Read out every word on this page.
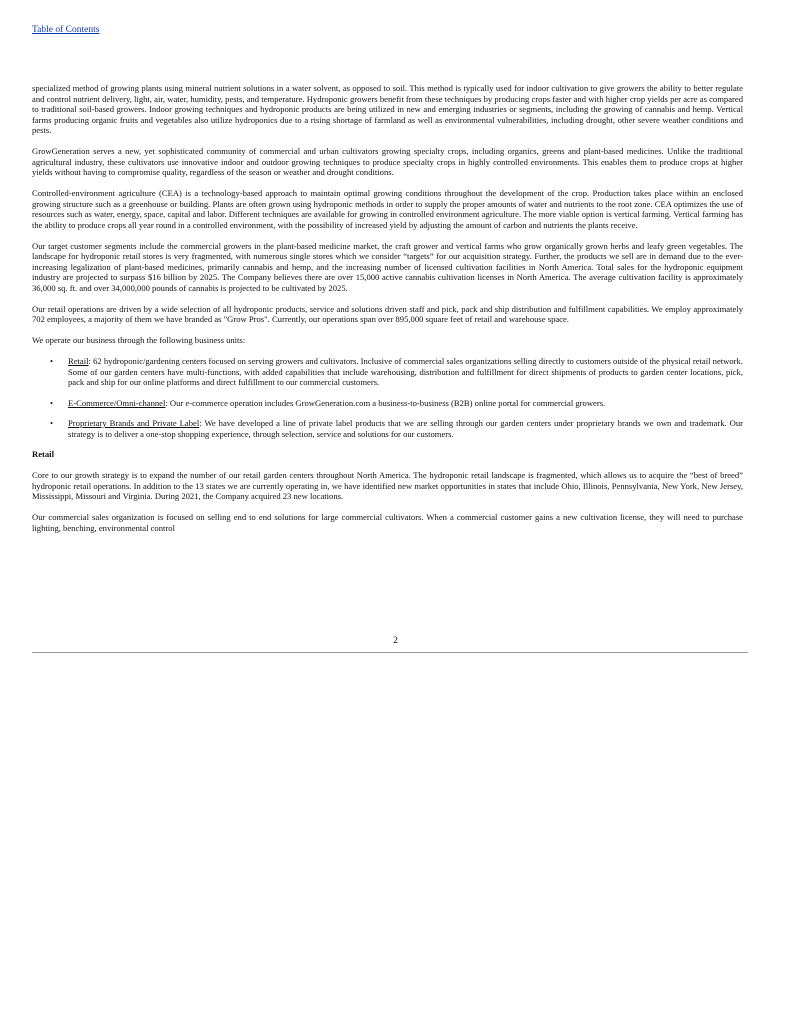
Table of Contents

specialized method of growing plants using mineral nutrient solutions in a water solvent, as opposed to soil. This method is typically used for indoor cultivation to give growers the ability to better regulate and control nutrient delivery, light, air, water, humidity, pests, and temperature. Hydroponic growers benefit from these techniques by producing crops faster and with higher crop yields per acre as compared to traditional soil-based growers. Indoor growing techniques and hydroponic products are being utilized in new and emerging industries or segments, including the growing of cannabis and hemp. Vertical farms producing organic fruits and vegetables also utilize hydroponics due to a rising shortage of farmland as well as environmental vulnerabilities, including drought, other severe weather conditions and pests.

GrowGeneration serves a new, yet sophisticated community of commercial and urban cultivators growing specialty crops, including organics, greens and plant-based medicines. Unlike the traditional agricultural industry, these cultivators use innovative indoor and outdoor growing techniques to produce specialty crops in highly controlled environments. This enables them to produce crops at higher yields without having to compromise quality, regardless of the season or weather and drought conditions.

Controlled-environment agriculture (CEA) is a technology-based approach to maintain optimal growing conditions throughout the development of the crop. Production takes place within an enclosed growing structure such as a greenhouse or building. Plants are often grown using hydroponic methods in order to supply the proper amounts of water and nutrients to the root zone. CEA optimizes the use of resources such as water, energy, space, capital and labor. Different techniques are available for growing in controlled environment agriculture. The more viable option is vertical farming. Vertical farming has the ability to produce crops all year round in a controlled environment, with the possibility of increased yield by adjusting the amount of carbon and nutrients the plants receive.

Our target customer segments include the commercial growers in the plant-based medicine market, the craft grower and vertical farms who grow organically grown herbs and leafy green vegetables. The landscape for hydroponic retail stores is very fragmented, with numerous single stores which we consider “targets” for our acquisition strategy. Further, the products we sell are in demand due to the ever-increasing legalization of plant-based medicines, primarily cannabis and hemp, and the increasing number of licensed cultivation facilities in North America. Total sales for the hydroponic equipment industry are projected to surpass $16 billion by 2025. The Company believes there are over 15,000 active cannabis cultivation licenses in North America. The average cultivation facility is approximately 36,000 sq. ft. and over 34,000,000 pounds of cannabis is projected to be cultivated by 2025.

Our retail operations are driven by a wide selection of all hydroponic products, service and solutions driven staff and pick, pack and ship distribution and fulfillment capabilities. We employ approximately 702 employees, a majority of them we have branded as "Grow Pros". Currently, our operations span over 895,000 square feet of retail and warehouse space.

We operate our business through the following business units:

• Retail: 62 hydroponic/gardening centers focused on serving growers and cultivators. Inclusive of commercial sales organizations selling directly to customers outside of the physical retail network. Some of our garden centers have multi-functions, with added capabilities that include warehousing, distribution and fulfillment for direct shipments of products to garden center locations, pick, pack and ship for our online platforms and direct fulfillment to our commercial customers.
• E-Commerce/Omni-channel: Our e-commerce operation includes GrowGeneration.com a business-to-business (B2B) online portal for commercial growers.
• Proprietary Brands and Private Label: We have developed a line of private label products that we are selling through our garden centers under proprietary brands we own and trademark. Our strategy is to deliver a one-stop shopping experience, through selection, service and solutions for our customers.

Retail

Core to our growth strategy is to expand the number of our retail garden centers throughout North America. The hydroponic retail landscape is fragmented, which allows us to acquire the “best of breed” hydroponic retail operations. In addition to the 13 states we are currently operating in, we have identified new market opportunities in states that include Ohio, Illinois, Pennsylvania, New York, New Jersey, Mississippi, Missouri and Virginia. During 2021, the Company acquired 23 new locations.

Our commercial sales organization is focused on selling end to end solutions for large commercial cultivators. When a commercial customer gains a new cultivation license, they will need to purchase lighting, benching, environmental control

2
